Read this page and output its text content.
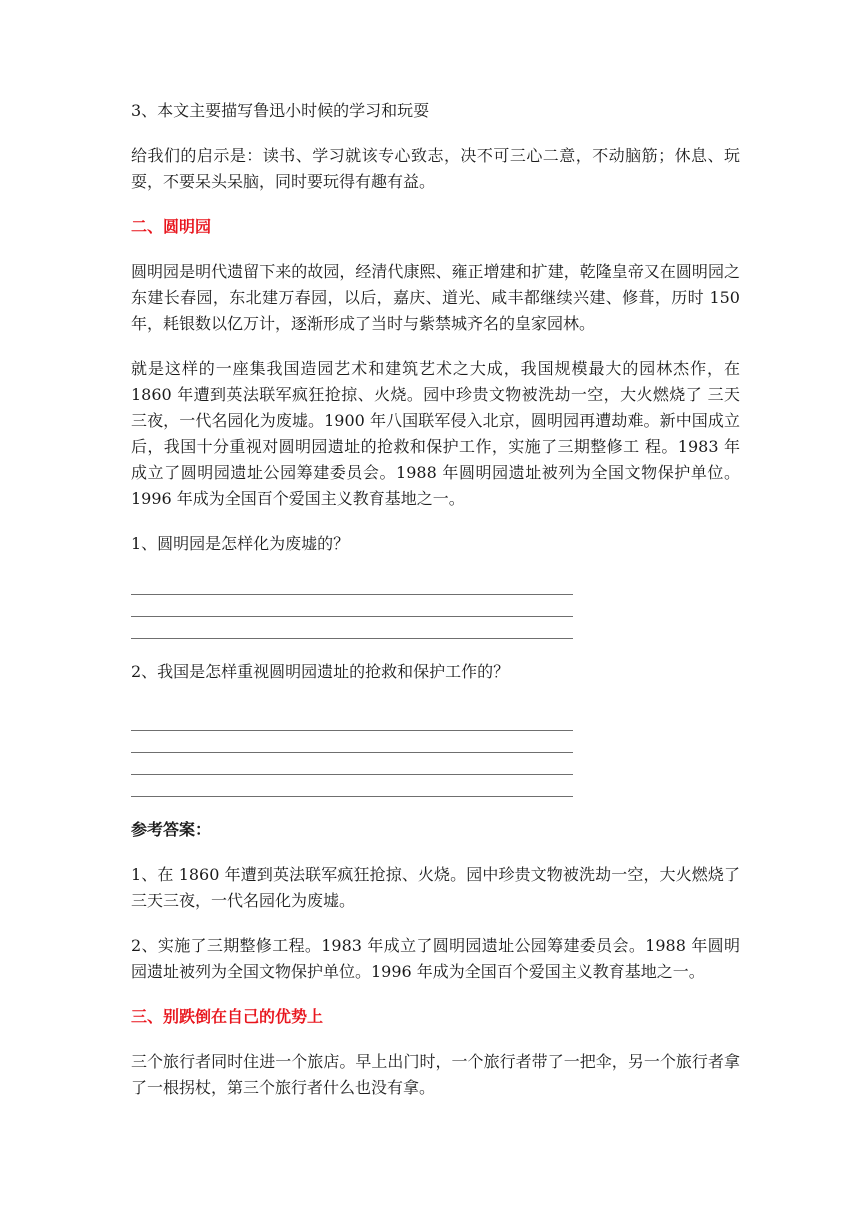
3、本文主要描写鲁迅小时候的学习和玩耍

给我们的启示是：读书、学习就该专心致志，决不可三心二意，不动脑筋；休息、玩耍，不要呆头呆脑，同时要玩得有趣有益。

二、圆明园

圆明园是明代遗留下来的故园，经清代康熙、雍正增建和扩建，乾隆皇帝又在圆明园之东建长春园，东北建万春园，以后，嘉庆、道光、咸丰都继续兴建、修葺，历时 150 年，耗银数以亿万计，逐渐形成了当时与紫禁城齐名的皇家园林。

就是这样的一座集我国造园艺术和建筑艺术之大成，我国规模最大的园林杰作，在 1860 年遭到英法联军疯狂抢掠、火烧。园中珍贵文物被洗劫一空，大火燃烧了 三天三夜，一代名园化为废墟。1900 年八国联军侵入北京，圆明园再遭劫难。新中国成立后，我国十分重视对圆明园遗址的抢救和保护工作，实施了三期整修工 程。1983 年成立了圆明园遗址公园筹建委员会。1988 年圆明园遗址被列为全国文物保护单位。1996 年成为全国百个爱国主义教育基地之一。

1、圆明园是怎样化为废墟的？

2、我国是怎样重视圆明园遗址的抢救和保护工作的？

参考答案：

1、在 1860 年遭到英法联军疯狂抢掠、火烧。园中珍贵文物被洗劫一空，大火燃烧了三天三夜，一代名园化为废墟。

2、实施了三期整修工程。1983 年成立了圆明园遗址公园筹建委员会。1988 年圆明园遗址被列为全国文物保护单位。1996 年成为全国百个爱国主义教育基地之一。

三、别跌倒在自己的优势上

三个旅行者同时住进一个旅店。早上出门时，一个旅行者带了一把伞，另一个旅行者拿了一根拐杖，第三个旅行者什么也没有拿。
